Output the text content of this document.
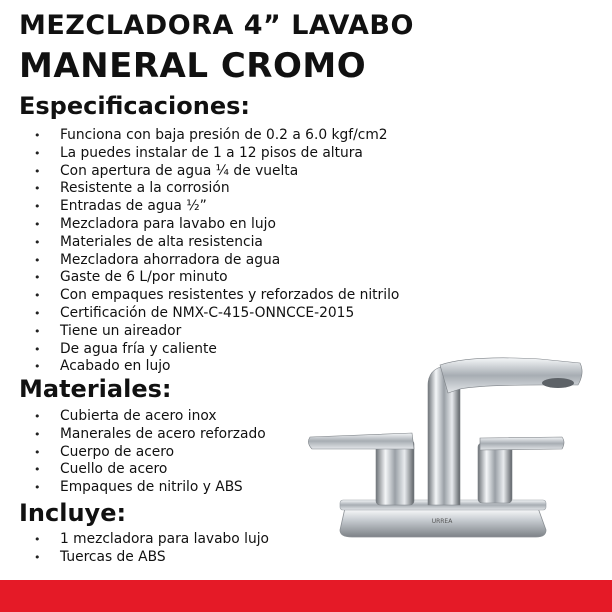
MEZCLADORA 4” LAVABO
MANERAL CROMO
Especificaciones:
• Funciona con baja presión de 0.2 a 6.0 kgf/cm2
• La puedes instalar de 1 a 12 pisos de altura
• Con apertura de agua ¼ de vuelta
• Resistente a la corrosión
• Entradas de agua ½”
• Mezcladora para lavabo en lujo
• Materiales de alta resistencia
• Mezcladora ahorradora de agua
• Gaste de 6 L/por minuto
• Con empaques resistentes y reforzados de nitrilo
• Certificación de NMX-C-415-ONNCCE-2015
• Tiene un aireador
• De agua fría y caliente
• Acabado en lujo
Materiales:
• Cubierta de acero inox
• Manerales de acero reforzado
• Cuerpo de acero
• Cuello de acero
• Empaques de nitrilo y ABS
Incluye:
• 1 mezcladora para lavabo lujo
• Tuercas de ABS
URREA
